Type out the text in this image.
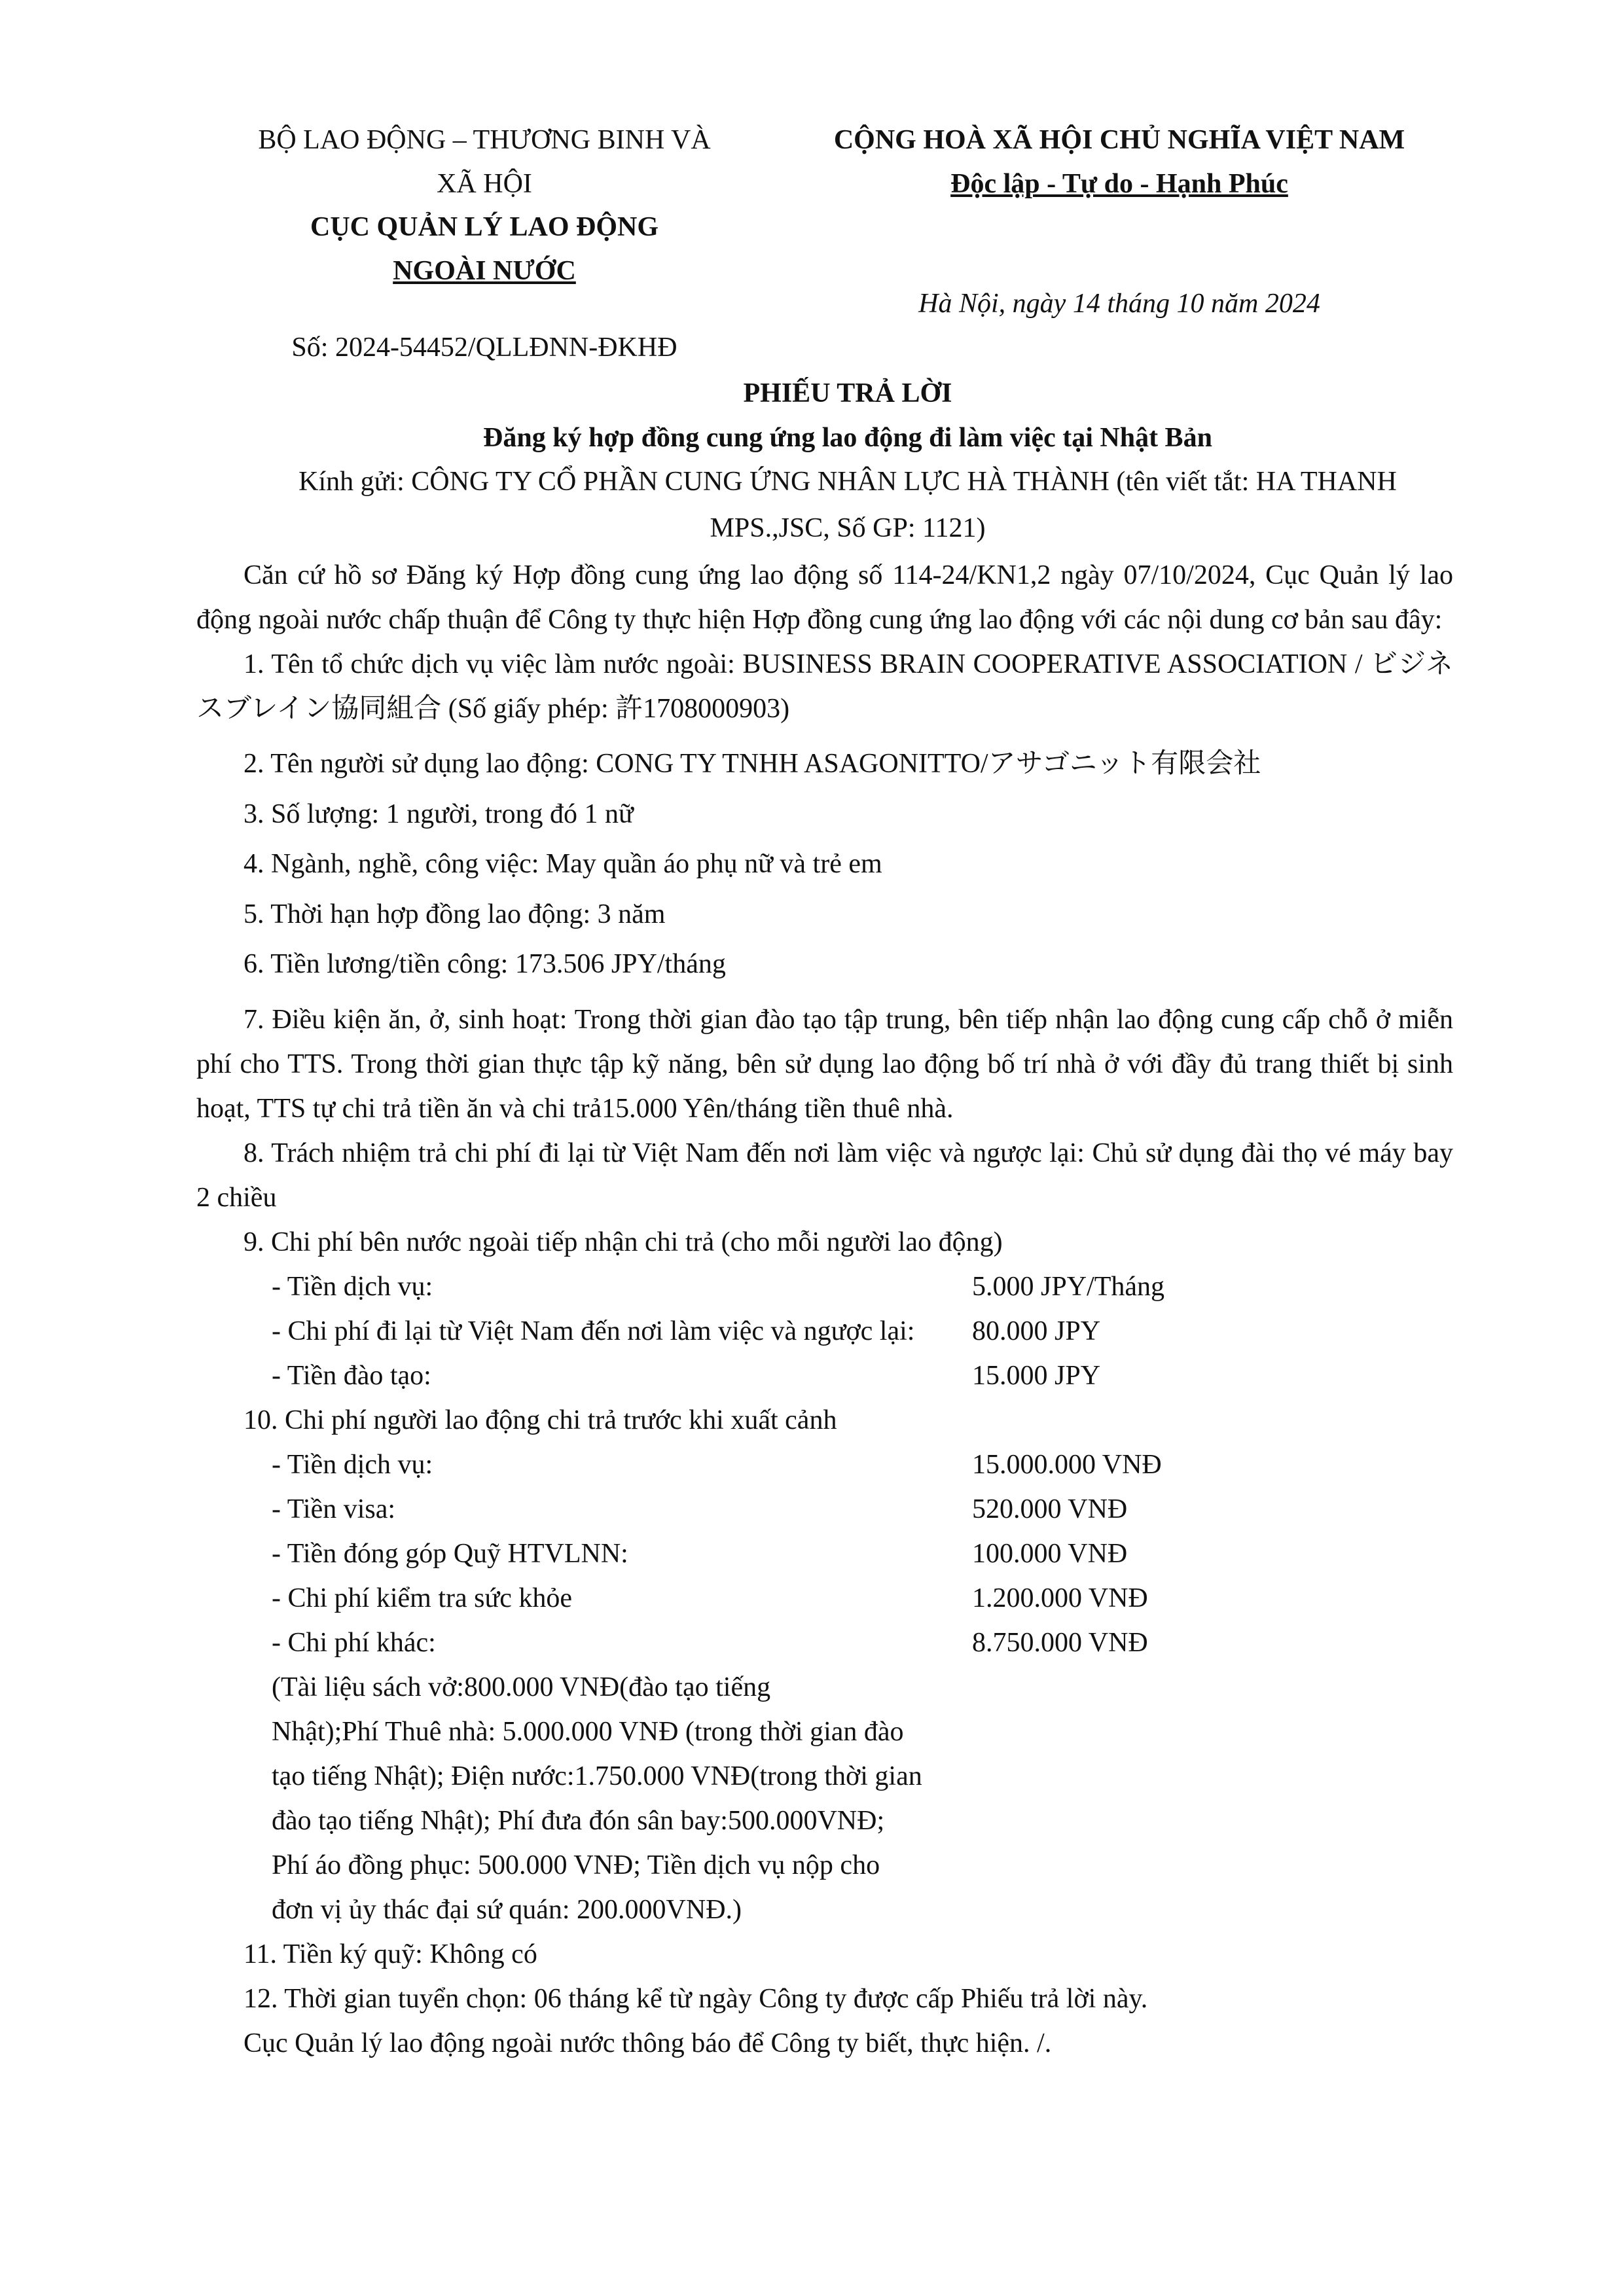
BỘ LAO ĐỘNG – THƯƠNG BINH VÀ
XÃ HỘI
CỤC QUẢN LÝ LAO ĐỘNG
NGOÀI NƯỚC
CỘNG HOÀ XÃ HỘI CHỦ NGHĨA VIỆT NAM
Độc lập - Tự do - Hạnh Phúc
Hà Nội, ngày 14 tháng 10 năm 2024
Số: 2024-54452/QLLĐNN-ĐKHĐ
PHIẾU TRẢ LỜI
Đăng ký hợp đồng cung ứng lao động đi làm việc tại Nhật Bản
Kính gửi: CÔNG TY CỔ PHẦN CUNG ỨNG NHÂN LỰC HÀ THÀNH (tên viết tắt: HA THANH
MPS.,JSC, Số GP: 1121)

Căn cứ hồ sơ Đăng ký Hợp đồng cung ứng lao động số 114-24/KN1,2 ngày 07/10/2024, Cục Quản lý lao động ngoài nước chấp thuận để Công ty thực hiện Hợp đồng cung ứng lao động với các nội dung cơ bản sau đây:

1. Tên tổ chức dịch vụ việc làm nước ngoài: BUSINESS BRAIN COOPERATIVE ASSOCIATION / ビジネスブレイン協同組合 (Số giấy phép: 許1708000903)

2. Tên người sử dụng lao động: CONG TY TNHH ASAGONITTO/アサゴニット有限会社

3. Số lượng: 1 người, trong đó 1 nữ

4. Ngành, nghề, công việc: May quần áo phụ nữ và trẻ em

5. Thời hạn hợp đồng lao động: 3 năm

6. Tiền lương/tiền công: 173.506 JPY/tháng

7. Điều kiện ăn, ở, sinh hoạt: Trong thời gian đào tạo tập trung, bên tiếp nhận lao động cung cấp chỗ ở miễn phí cho TTS. Trong thời gian thực tập kỹ năng, bên sử dụng lao động bố trí nhà ở với đầy đủ trang thiết bị sinh hoạt, TTS tự chi trả tiền ăn và chi trả15.000 Yên/tháng tiền thuê nhà.

8. Trách nhiệm trả chi phí đi lại từ Việt Nam đến nơi làm việc và ngược lại: Chủ sử dụng đài thọ vé máy bay 2 chiều

9. Chi phí bên nước ngoài tiếp nhận chi trả (cho mỗi người lao động)

- Tiền dịch vụ:	5.000 JPY/Tháng
- Chi phí đi lại từ Việt Nam đến nơi làm việc và ngược lại:	80.000 JPY
- Tiền đào tạo:	15.000 JPY

10. Chi phí người lao động chi trả trước khi xuất cảnh

- Tiền dịch vụ:	15.000.000 VNĐ
- Tiền visa:	520.000 VNĐ
- Tiền đóng góp Quỹ HTVLNN:	100.000 VNĐ
- Chi phí kiểm tra sức khỏe	1.200.000 VNĐ
- Chi phí khác:	8.750.000 VNĐ

(Tài liệu sách vở:800.000 VNĐ(đào tạo tiếng

Nhật);Phí Thuê nhà: 5.000.000 VNĐ (trong thời gian đào

tạo tiếng Nhật); Điện nước:1.750.000 VNĐ(trong thời gian

đào tạo tiếng Nhật); Phí đưa đón sân bay:500.000VNĐ;

Phí áo đồng phục: 500.000 VNĐ; Tiền dịch vụ nộp cho

đơn vị ủy thác đại sứ quán: 200.000VNĐ.)

11. Tiền ký quỹ: Không có

12. Thời gian tuyển chọn: 06 tháng kể từ ngày Công ty được cấp Phiếu trả lời này.

Cục Quản lý lao động ngoài nước thông báo để Công ty biết, thực hiện. /.
